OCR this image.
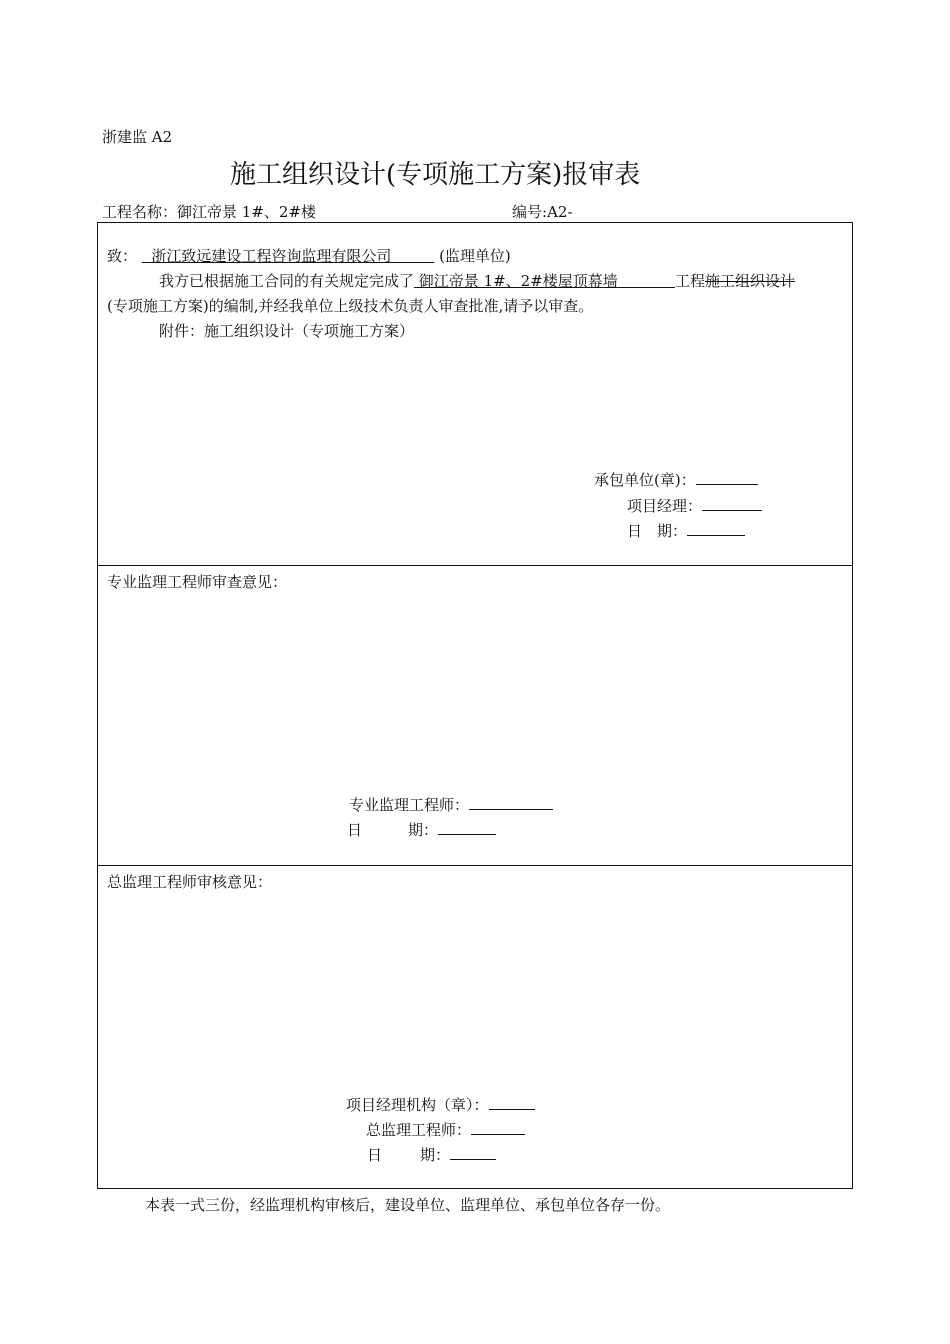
浙建监 A2
施工组织设计(专项施工方案)报审表
工程名称：御江帝景 1#、2#楼	编号:A2-
致： 浙江致远建设工程咨询监理有限公司	(监理单位)
我方已根据施工合同的有关规定完成了 御江帝景 1#、2#楼屋顶幕墙	工程施工组织设计
(专项施工方案)的编制,并经我单位上级技术负责人审查批准,请予以审查。
附件：施工组织设计（专项施工方案）
承包单位(章)：
项目经理：
日　期：
专业监理工程师审查意见：
专业监理工程师：
日	期：
总监理工程师审核意见：
项目经理机构（章）：
总监理工程师：
日	期：
本表一式三份，经监理机构审核后，建设单位、监理单位、承包单位各存一份。
